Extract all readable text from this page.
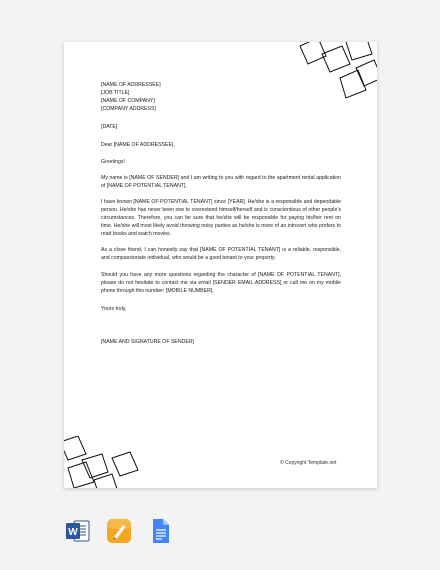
[NAME OF ADDRESSEE]
[JOB TITLE]
[NAME OF COMPANY]
[COMPANY ADDRESS]

[DATE]

Dear [NAME OF ADDRESSEE],

Greetings!

My name is [NAME OF SENDER] and I am writing to you with regard to the apartment rental application of [NAME OF POTENTIAL TENANT].

I have known [NAME OF POTENTIAL TENANT] since [YEAR]. He/she is a responsible and dependable person. He/she has never been one to overextend himself/herself and is conscientious of other people’s circumstances. Therefore, you can be sure that he/she will be responsible for paying his/her rent on time. He/she will most likely avoid throwing noisy parties as he/she is more of an introvert who prefers to read books and watch movies.

As a close friend, I can honestly say that [NAME OF POTENTIAL TENANT] is a reliable, responsible, and compassionate individual, who would be a good tenant to your property.

Should you have any more questions regarding the character of [NAME OF POTENTIAL TENANT], please do not hesitate to contact me via email [SENDER EMAIL ADDRESS] or call me on my mobile phone through this number: [MOBILE NUMBER].

Yours truly,

[NAME AND SIGNATURE OF SENDER]

© Copyright Template.net
W
